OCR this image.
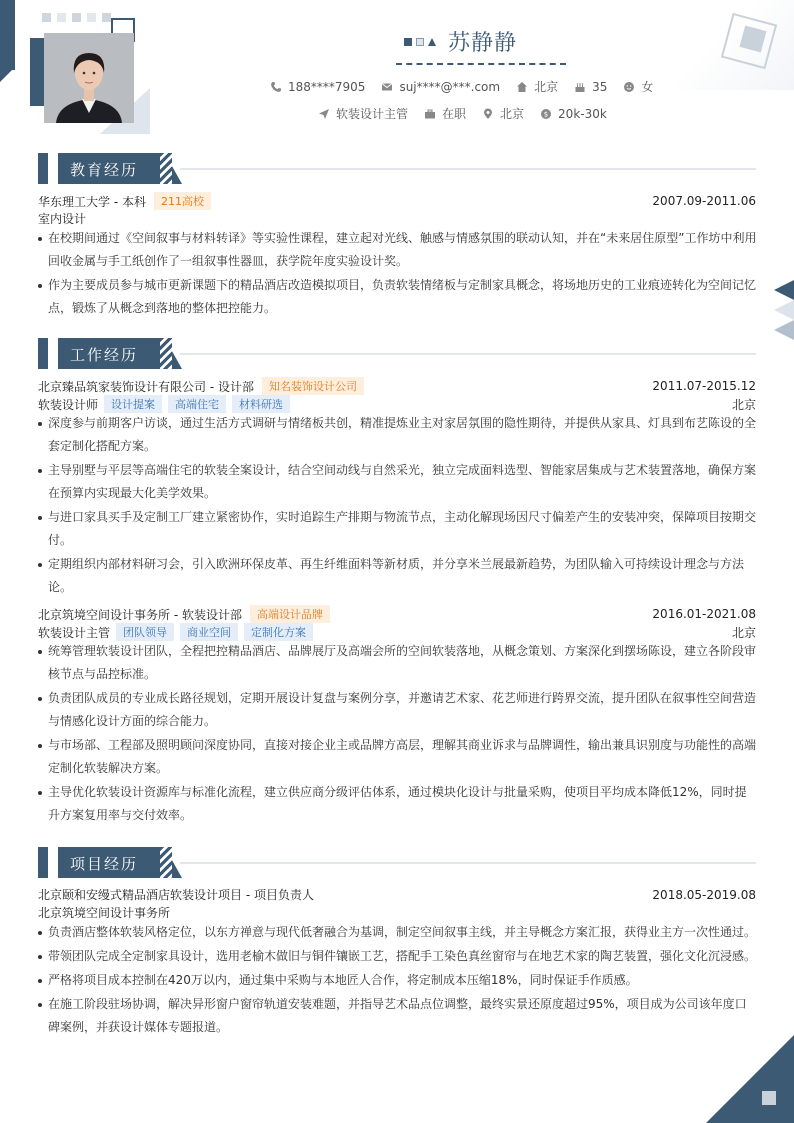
苏静静
188****7905	suj****@***.com	北京	35	女
软装设计主管	在职	北京	$ 20k-30k
教育经历
华东理工大学 - 本科	211高校	2007.09-2011.06
室内设计
在校期间通过《空间叙事与材料转译》等实验性课程，建立起对光线、触感与情感氛围的联动认知，并在“未来居住原型”工作坊中利用回收金属与手工纸创作了一组叙事性器皿，获学院年度实验设计奖。
作为主要成员参与城市更新课题下的精品酒店改造模拟项目，负责软装情绪板与定制家具概念，将场地历史的工业痕迹转化为空间记忆点，锻炼了从概念到落地的整体把控能力。
工作经历
北京臻品筑家装饰设计有限公司 - 设计部	知名装饰设计公司	2011.07-2015.12
软装设计师	设计提案	高端住宅	材料研选	北京
深度参与前期客户访谈，通过生活方式调研与情绪板共创，精准提炼业主对家居氛围的隐性期待，并提供从家具、灯具到布艺陈设的全套定制化搭配方案。
主导别墅与平层等高端住宅的软装全案设计，结合空间动线与自然采光，独立完成面料选型、智能家居集成与艺术装置落地，确保方案在预算内实现最大化美学效果。
与进口家具买手及定制工厂建立紧密协作，实时追踪生产排期与物流节点，主动化解现场因尺寸偏差产生的安装冲突，保障项目按期交付。
定期组织内部材料研习会，引入欧洲环保皮革、再生纤维面料等新材质，并分享米兰展最新趋势，为团队输入可持续设计理念与方法论。
北京筑境空间设计事务所 - 软装设计部	高端设计品牌	2016.01-2021.08
软装设计主管	团队领导	商业空间	定制化方案	北京
统筹管理软装设计团队，全程把控精品酒店、品牌展厅及高端会所的空间软装落地，从概念策划、方案深化到摆场陈设，建立各阶段审核节点与品控标准。
负责团队成员的专业成长路径规划，定期开展设计复盘与案例分享，并邀请艺术家、花艺师进行跨界交流，提升团队在叙事性空间营造与情感化设计方面的综合能力。
与市场部、工程部及照明顾问深度协同，直接对接企业主或品牌方高层，理解其商业诉求与品牌调性，输出兼具识别度与功能性的高端定制化软装解决方案。
主导优化软装设计资源库与标准化流程，建立供应商分级评估体系，通过模块化设计与批量采购，使项目平均成本降低12%，同时提升方案复用率与交付效率。
项目经历
北京颐和安缦式精品酒店软装设计项目 - 项目负责人	2018.05-2019.08
北京筑境空间设计事务所
负责酒店整体软装风格定位，以东方禅意与现代低奢融合为基调，制定空间叙事主线，并主导概念方案汇报，获得业主方一次性通过。
带领团队完成全定制家具设计，选用老榆木做旧与铜件镶嵌工艺，搭配手工染色真丝窗帘与在地艺术家的陶艺装置，强化文化沉浸感。
严格将项目成本控制在420万以内，通过集中采购与本地匠人合作，将定制成本压缩18%，同时保证手作质感。
在施工阶段驻场协调，解决异形窗户窗帘轨道安装难题，并指导艺术品点位调整，最终实景还原度超过95%，项目成为公司该年度口碑案例，并获设计媒体专题报道。
